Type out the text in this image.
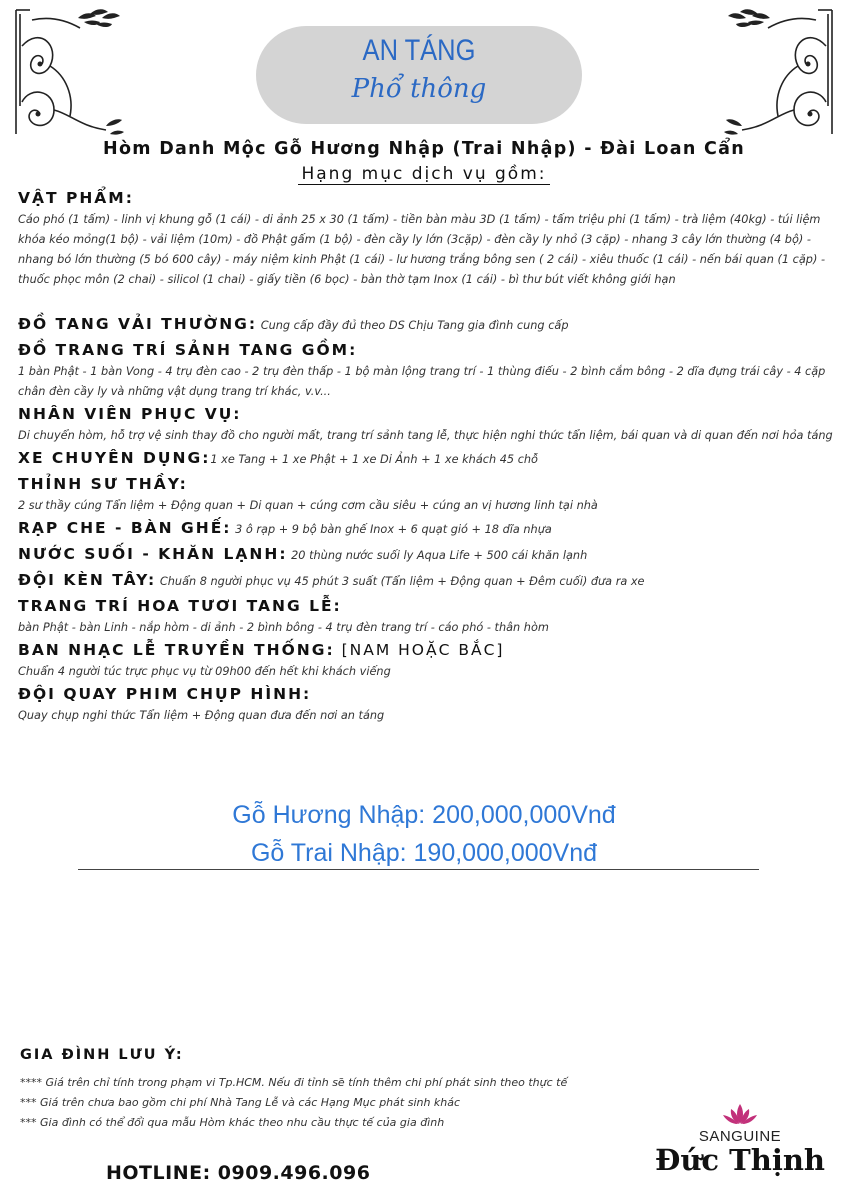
AN TÁNG
Phổ thông
Hòm Danh Mộc Gỗ Hương Nhập (Trai Nhập) - Đài Loan Cẩn
Hạng mục dịch vụ gồm:
VẬT PHẨM:
Cáo phó (1 tấm) - linh vị khung gỗ (1 cái) - di ảnh 25 x 30 (1 tấm) - tiền bàn màu 3D (1 tấm) - tấm triệu phi (1 tấm) - trà liệm (40kg) - túi liệm khóa kéo mỏng(1 bộ) - vải liệm (10m) - đồ Phật gấm (1 bộ) - đèn cầy ly lớn (3cặp) - đèn cầy ly nhỏ (3 cặp) - nhang 3 cây lớn thường (4 bộ) - nhang bó lớn thường (5 bó 600 cây) - máy niệm kinh Phật (1 cái) - lư hương trắng bông sen ( 2 cái) - xiêu thuốc (1 cái) - nến bái quan (1 cặp) - thuốc phọc môn (2 chai) - silicol (1 chai) - giấy tiền (6 bọc) - bàn thờ tạm Inox (1 cái) - bì thư bút viết không giới hạn
ĐỒ TANG VẢI THƯỜNG: Cung cấp đầy đủ theo DS Chịu Tang gia đình cung cấp
ĐỒ TRANG TRÍ SẢNH TANG GỒM:
1 bàn Phật - 1 bàn Vong - 4 trụ đèn cao - 2 trụ đèn thấp - 1 bộ màn lộng trang trí - 1 thùng điếu - 2 bình cắm bông - 2 dĩa đựng trái cây - 4 cặp chân đèn cầy ly và những vật dụng trang trí khác, v.v...
NHÂN VIÊN PHỤC VỤ:
Di chuyển hòm, hỗ trợ vệ sinh thay đồ cho người mất, trang trí sảnh tang lễ, thực hiện nghi thức tẩn liệm, bái quan và di quan đến nơi hỏa táng
XE CHUYÊN DỤNG:1 xe Tang + 1 xe Phật + 1 xe Di Ảnh + 1 xe khách 45 chỗ
THỈNH SƯ THẦY:
2 sư thầy cúng Tẩn liệm + Động quan + Di quan + cúng cơm cầu siêu + cúng an vị hương linh tại nhà
RẠP CHE - BÀN GHẾ: 3 ô rạp + 9 bộ bàn ghế Inox + 6 quạt gió + 18 dĩa nhựa
NƯỚC SUỐI - KHĂN LẠNH: 20 thùng nước suối ly Aqua Life + 500 cái khăn lạnh
ĐỘI KÈN TÂY: Chuẩn 8 người phục vụ 45 phút 3 suất (Tẩn liệm + Động quan + Đêm cuối) đưa ra xe
TRANG TRÍ HOA TƯƠI TANG LỄ:
bàn Phật - bàn Linh - nắp hòm - di ảnh - 2 bình bông - 4 trụ đèn trang trí - cáo phó - thân hòm
BAN NHẠC LỄ TRUYỀN THỐNG: [NAM HOẶC BẮC]
Chuẩn 4 người túc trực phục vụ từ 09h00 đến hết khi khách viếng
ĐỘI QUAY PHIM CHỤP HÌNH:
Quay chụp nghi thức Tẩn liệm + Động quan đưa đến nơi an táng
Gỗ Hương Nhập: 200,000,000Vnđ
Gỗ Trai Nhập: 190,000,000Vnđ
GIA ĐÌNH LƯU Ý:
**** Giá trên chỉ tính trong phạm vi Tp.HCM. Nếu đi tỉnh sẽ tính thêm chi phí phát sinh theo thực tế
*** Giá trên chưa bao gồm chi phí Nhà Tang Lễ và các Hạng Mục phát sinh khác
*** Gia đình có thể đổi qua mẫu Hòm khác theo nhu cầu thực tế của gia đình
HOTLINE: 0909.496.096
SANGUINE
Đức Thịnh
